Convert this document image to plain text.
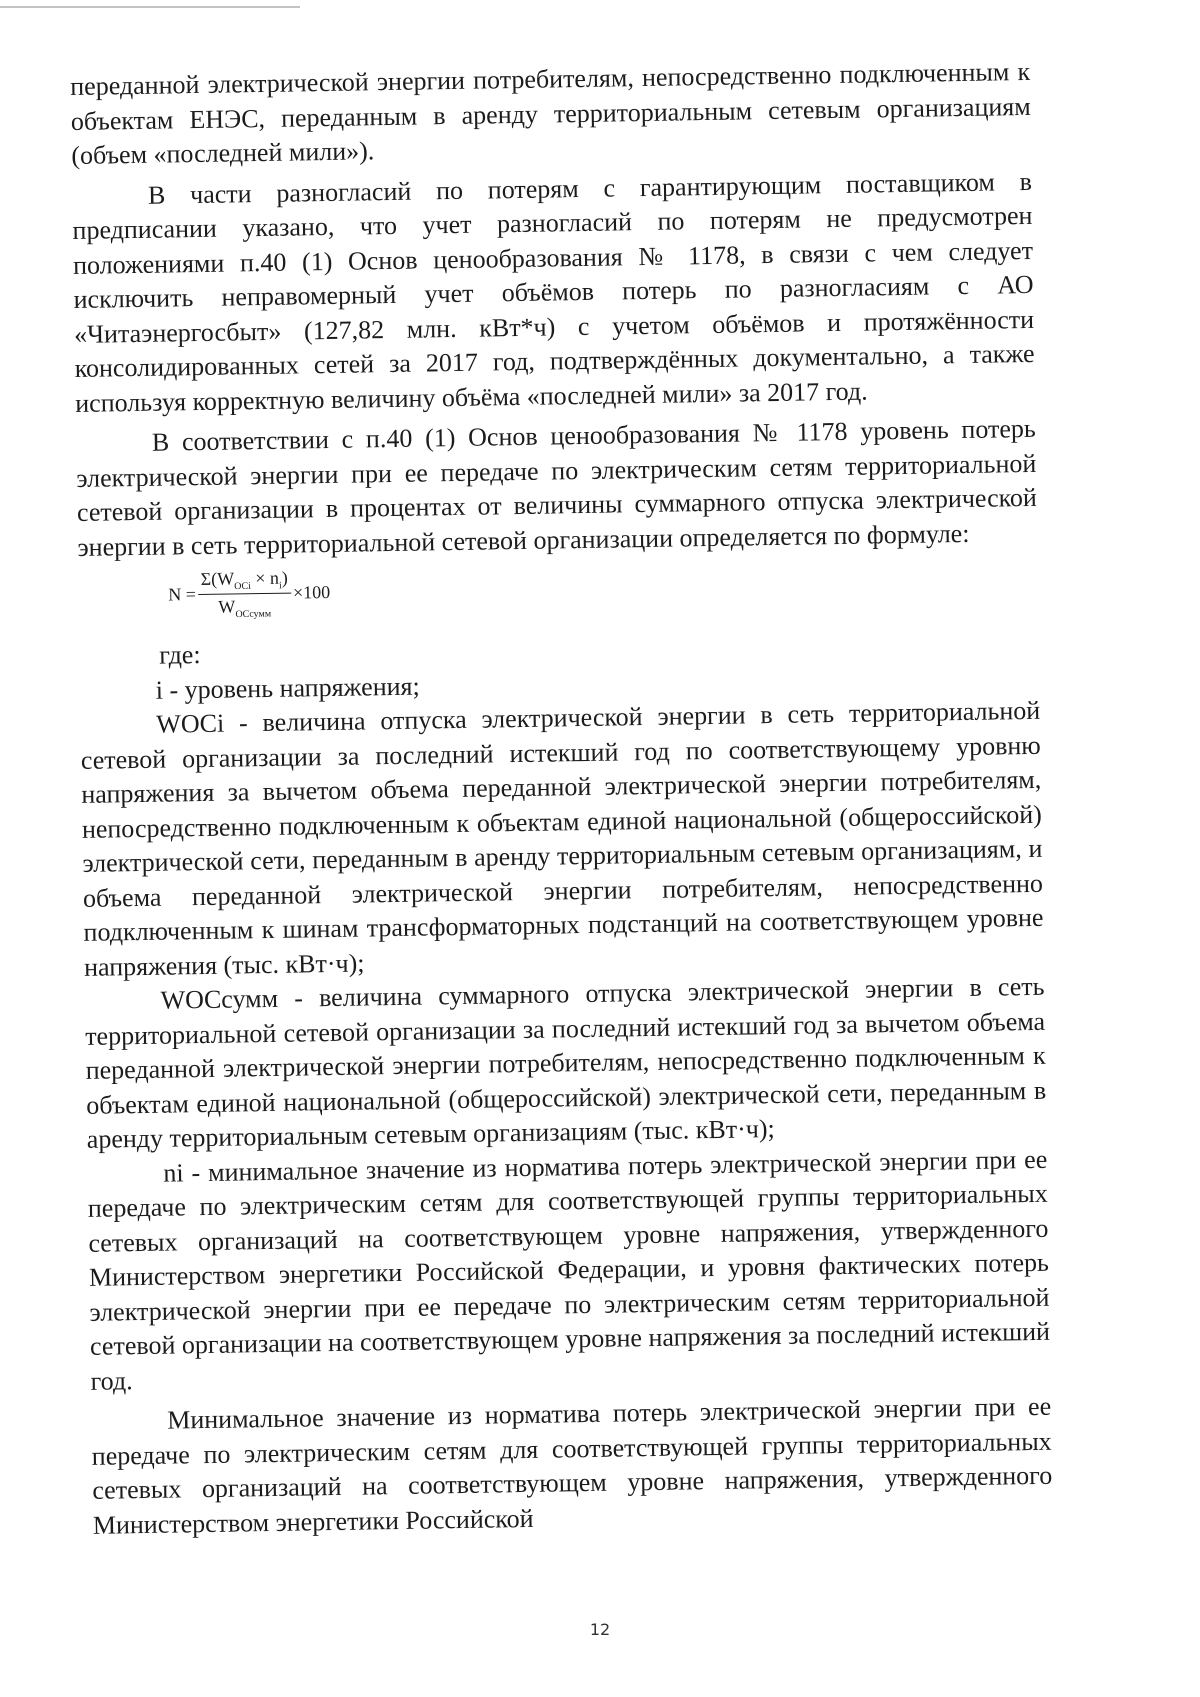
переданной электрической энергии потребителям, непосредственно подключенным к объектам ЕНЭС, переданным в аренду территориальным сетевым организациям (объем «последней мили»).

В части разногласий по потерям с гарантирующим поставщиком в предписании указано, что учет разногласий по потерям не предусмотрен положениями п.40 (1) Основ ценообразования № 1178, в связи с чем следует исключить неправомерный учет объёмов потерь по разногласиям с АО «Читаэнергосбыт» (127,82 млн. кВт*ч) с учетом объёмов и протяжённости консолидированных сетей за 2017 год, подтверждённых документально, а также используя корректную величину объёма «последней мили» за 2017 год.

В соответствии с п.40 (1) Основ ценообразования № 1178 уровень потерь электрической энергии при ее передаче по электрическим сетям территориальной сетевой организации в процентах от величины суммарного отпуска электрической энергии в сеть территориальной сетевой организации определяется по формуле:

$N = \frac{\Sigma(W_{OCi} \times n_i)}{W_{OCсумм}} \times 100$

где:

i - уровень напряжения;

WOCi - величина отпуска электрической энергии в сеть территориальной сетевой организации за последний истекший год по соответствующему уровню напряжения за вычетом объема переданной электрической энергии потребителям, непосредственно подключенным к объектам единой национальной (общероссийской) электрической сети, переданным в аренду территориальным сетевым организациям, и объема переданной электрической энергии потребителям, непосредственно подключенным к шинам трансформаторных подстанций на соответствующем уровне напряжения (тыс. кВт·ч);

WOCсумм - величина суммарного отпуска электрической энергии в сеть территориальной сетевой организации за последний истекший год за вычетом объема переданной электрической энергии потребителям, непосредственно подключенным к объектам единой национальной (общероссийской) электрической сети, переданным в аренду территориальным сетевым организациям (тыс. кВт·ч);

ni - минимальное значение из норматива потерь электрической энергии при ее передаче по электрическим сетям для соответствующей группы территориальных сетевых организаций на соответствующем уровне напряжения, утвержденного Министерством энергетики Российской Федерации, и уровня фактических потерь электрической энергии при ее передаче по электрическим сетям территориальной сетевой организации на соответствующем уровне напряжения за последний истекший год.

Минимальное значение из норматива потерь электрической энергии при ее передаче по электрическим сетям для соответствующей группы территориальных сетевых организаций на соответствующем уровне напряжения, утвержденного Министерством энергетики Российской

12
